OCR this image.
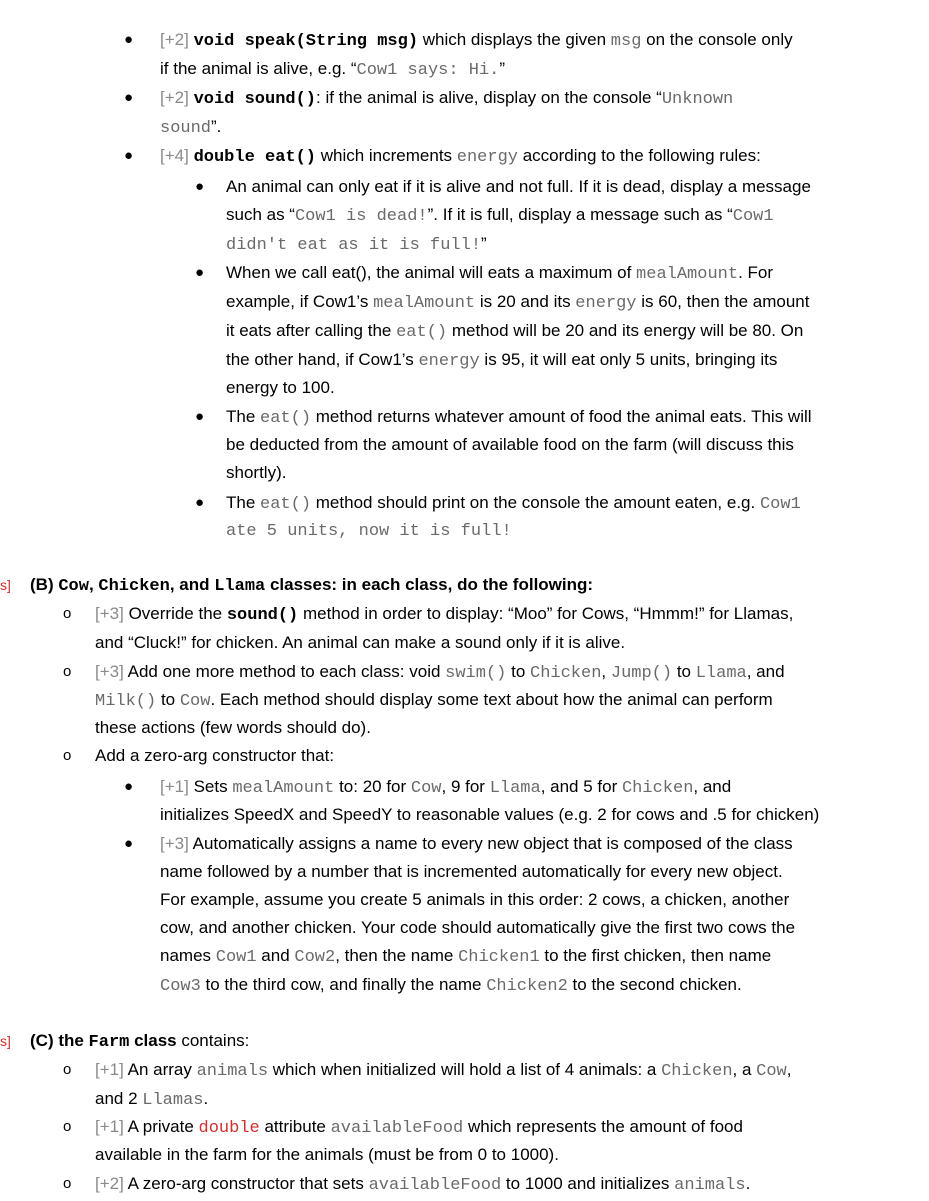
● [+2] void speak(String msg) which displays the given msg on the console only
if the animal is alive, e.g. “Cow1 says: Hi.”
● [+2] void sound(): if the animal is alive, display on the console “Unknown
sound”.
● [+4] double eat() which increments energy according to the following rules:
● An animal can only eat if it is alive and not full. If it is dead, display a message
such as “Cow1 is dead!”. If it is full, display a message such as “Cow1
didn't eat as it is full!”
● When we call eat(), the animal will eats a maximum of mealAmount. For
example, if Cow1’s mealAmount is 20 and its energy is 60, then the amount
it eats after calling the eat() method will be 20 and its energy will be 80. On
the other hand, if Cow1’s energy is 95, it will eat only 5 units, bringing its
energy to 100.
● The eat() method returns whatever amount of food the animal eats. This will
be deducted from the amount of available food on the farm (will discuss this
shortly).
● The eat() method should print on the console the amount eaten, e.g. Cow1
ate 5 units, now it is full!
s] (B) Cow, Chicken, and Llama classes: in each class, do the following:
o [+3] Override the sound() method in order to display: “Moo” for Cows, “Hmmm!” for Llamas,
and “Cluck!” for chicken. An animal can make a sound only if it is alive.
o [+3] Add one more method to each class: void swim() to Chicken, Jump() to Llama, and
Milk() to Cow. Each method should display some text about how the animal can perform
these actions (few words should do).
o Add a zero-arg constructor that:
● [+1] Sets mealAmount to: 20 for Cow, 9 for Llama, and 5 for Chicken, and
initializes SpeedX and SpeedY to reasonable values (e.g. 2 for cows and .5 for chicken)
● [+3] Automatically assigns a name to every new object that is composed of the class
name followed by a number that is incremented automatically for every new object.
For example, assume you create 5 animals in this order: 2 cows, a chicken, another
cow, and another chicken. Your code should automatically give the first two cows the
names Cow1 and Cow2, then the name Chicken1 to the first chicken, then name
Cow3 to the third cow, and finally the name Chicken2 to the second chicken.
s] (C) the Farm class contains:
o [+1] An array animals which when initialized will hold a list of 4 animals: a Chicken, a Cow,
and 2 Llamas.
o [+1] A private double attribute availableFood which represents the amount of food
available in the farm for the animals (must be from 0 to 1000).
o [+2] A zero-arg constructor that sets availableFood to 1000 and initializes animals.
